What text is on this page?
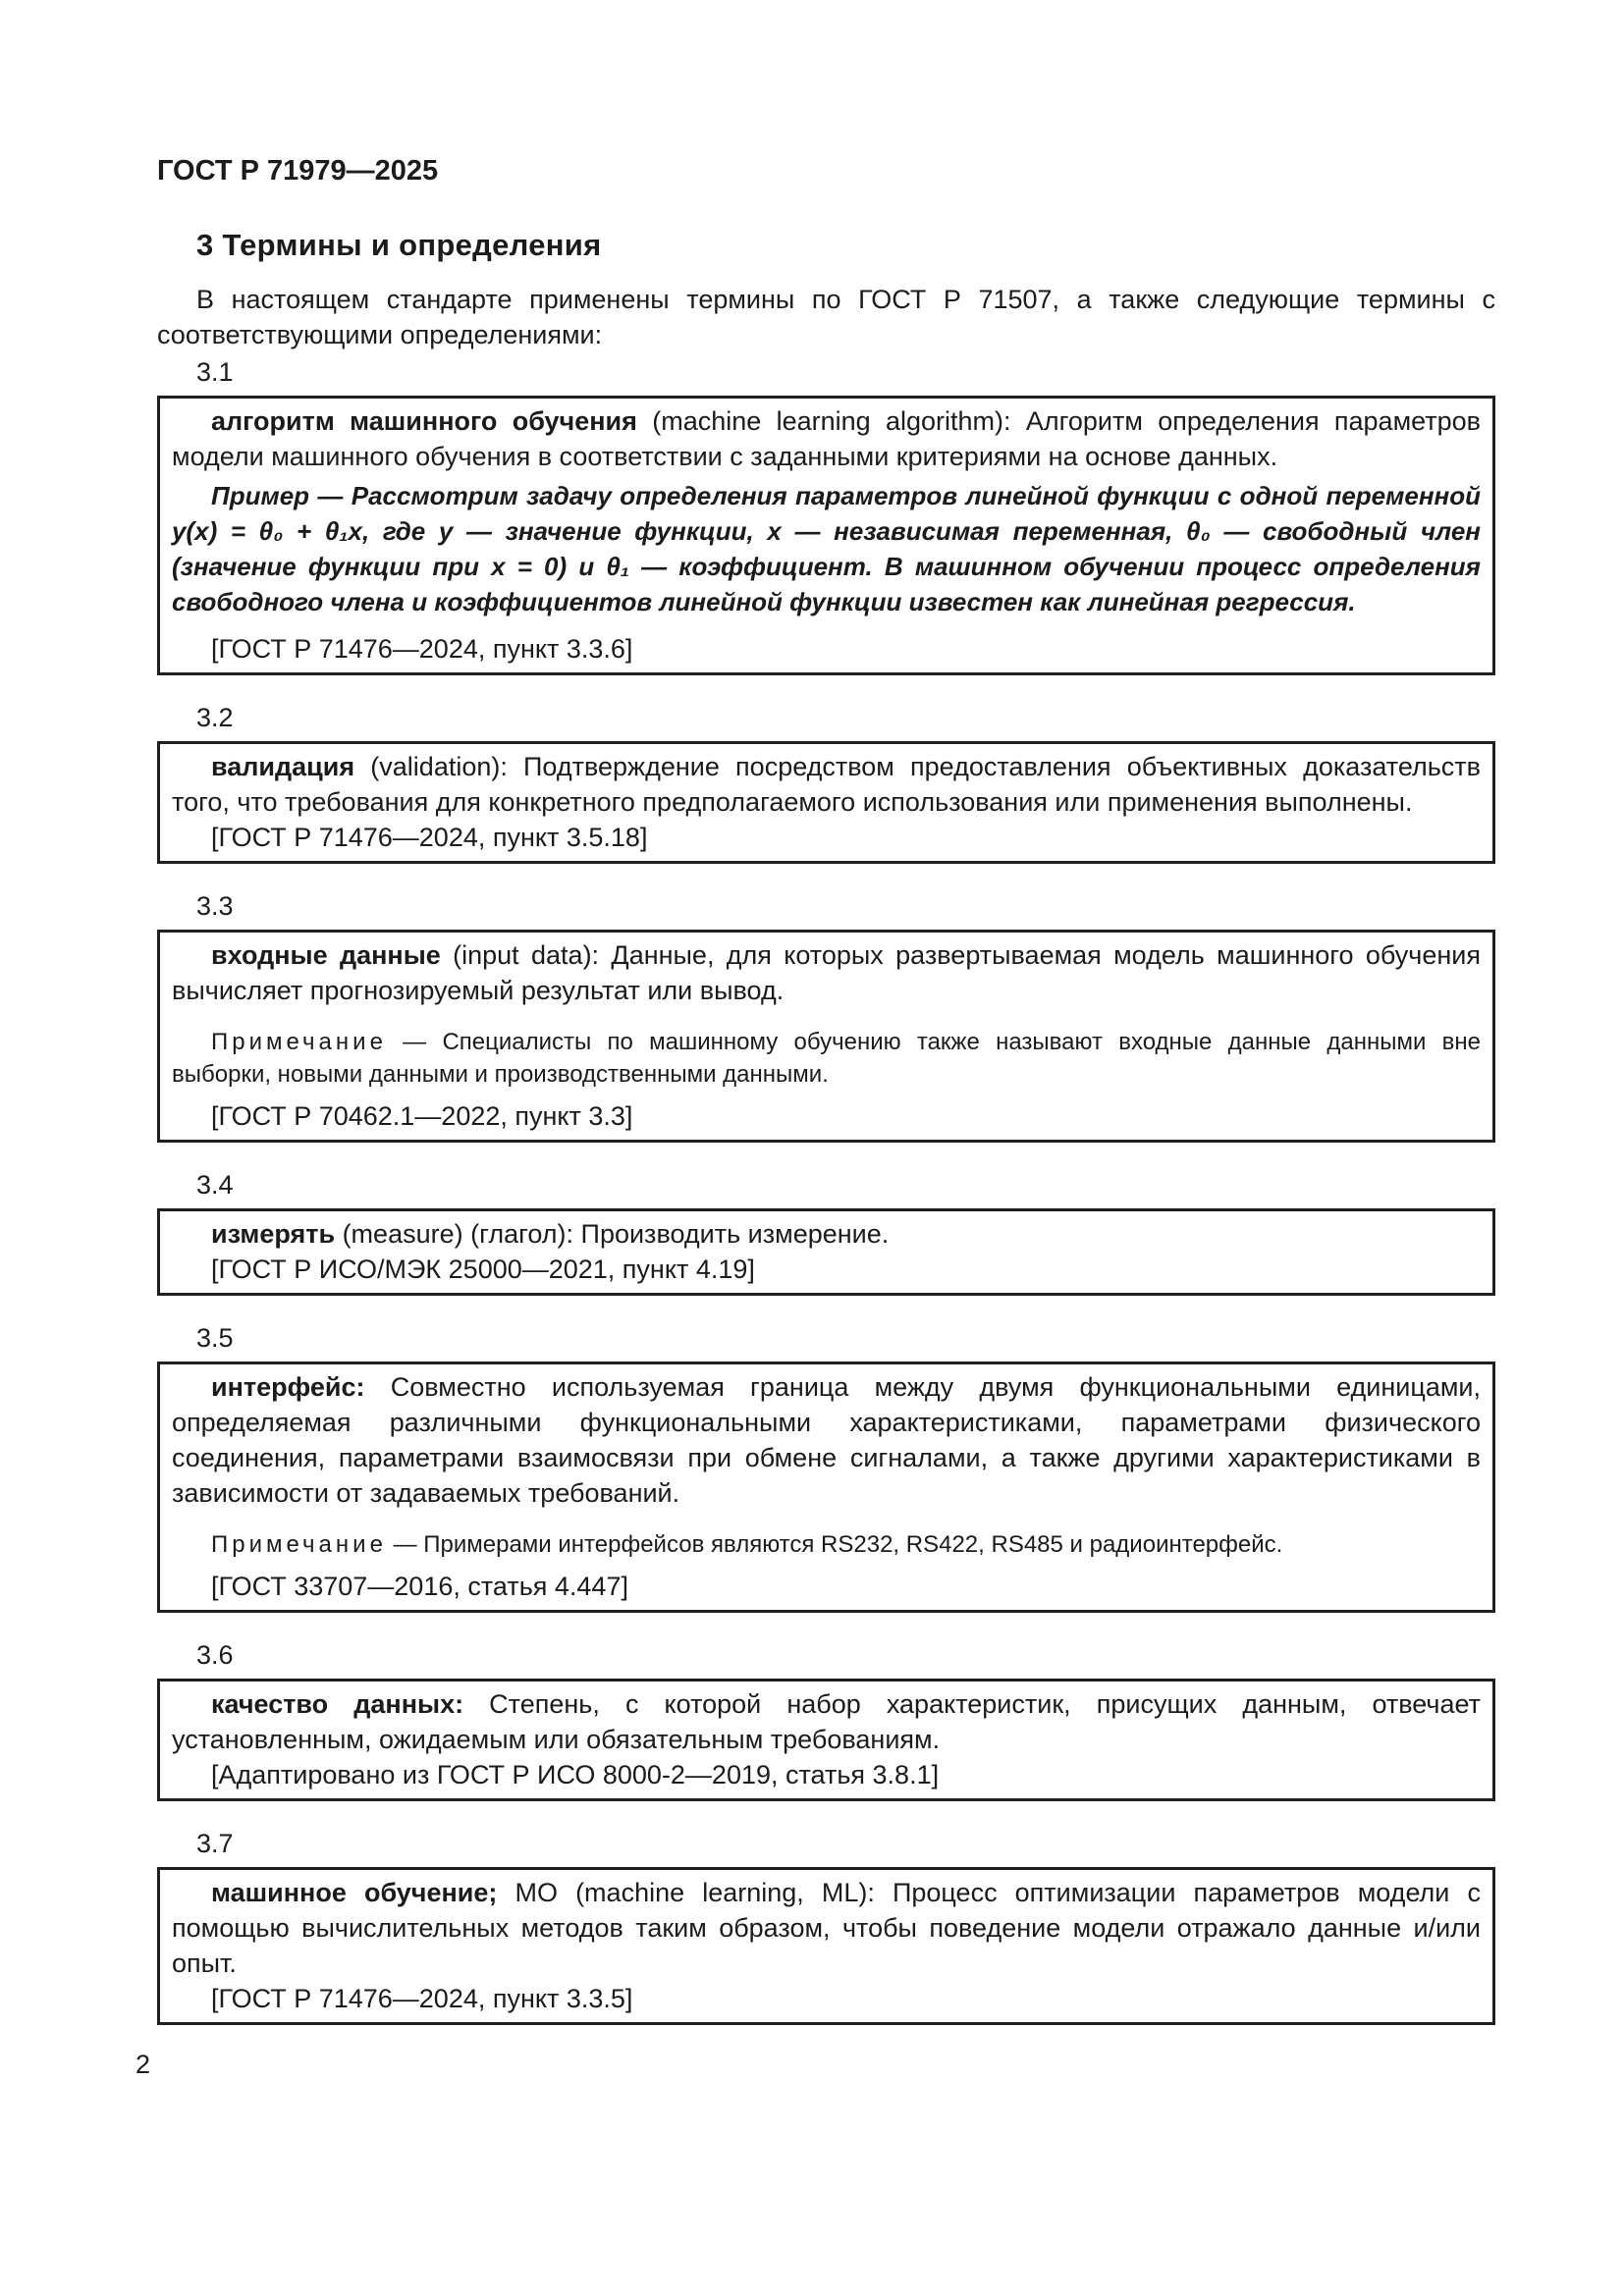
ГОСТ Р 71979—2025
3 Термины и определения

В настоящем стандарте применены термины по ГОСТ Р 71507, а также следующие термины с соответствующими определениями:

3.1

алгоритм машинного обучения (machine learning algorithm): Алгоритм определения параметров модели машинного обучения в соответствии с заданными критериями на основе данных.

Пример — Рассмотрим задачу определения параметров линейной функции с одной переменной y(x) = θ₀ + θ₁x, где y — значение функции, x — независимая переменная, θ₀ — свободный член (значение функции при x = 0) и θ₁ — коэффициент. В машинном обучении процесс определения свободного члена и коэффициентов линейной функции известен как линейная регрессия.

[ГОСТ Р 71476—2024, пункт 3.3.6]

3.2

валидация (validation): Подтверждение посредством предоставления объективных доказательств того, что требования для конкретного предполагаемого использования или применения выполнены.

[ГОСТ Р 71476—2024, пункт 3.5.18]

3.3

входные данные (input data): Данные, для которых развертываемая модель машинного обучения вычисляет прогнозируемый результат или вывод.

Примечание — Специалисты по машинному обучению также называют входные данные данными вне выборки, новыми данными и производственными данными.

[ГОСТ Р 70462.1—2022, пункт 3.3]

3.4

измерять (measure) (глагол): Производить измерение.

[ГОСТ Р ИСО/МЭК 25000—2021, пункт 4.19]

3.5

интерфейс: Совместно используемая граница между двумя функциональными единицами, определяемая различными функциональными характеристиками, параметрами физического соединения, параметрами взаимосвязи при обмене сигналами, а также другими характеристиками в зависимости от задаваемых требований.

Примечание — Примерами интерфейсов являются RS232, RS422, RS485 и радиоинтерфейс.

[ГОСТ 33707—2016, статья 4.447]

3.6

качество данных: Степень, с которой набор характеристик, присущих данным, отвечает установленным, ожидаемым или обязательным требованиям.

[Адаптировано из ГОСТ Р ИСО 8000-2—2019, статья 3.8.1]

3.7

машинное обучение; МО (machine learning, ML): Процесс оптимизации параметров модели с помощью вычислительных методов таким образом, чтобы поведение модели отражало данные и/или опыт.

[ГОСТ Р 71476—2024, пункт 3.3.5]

2
